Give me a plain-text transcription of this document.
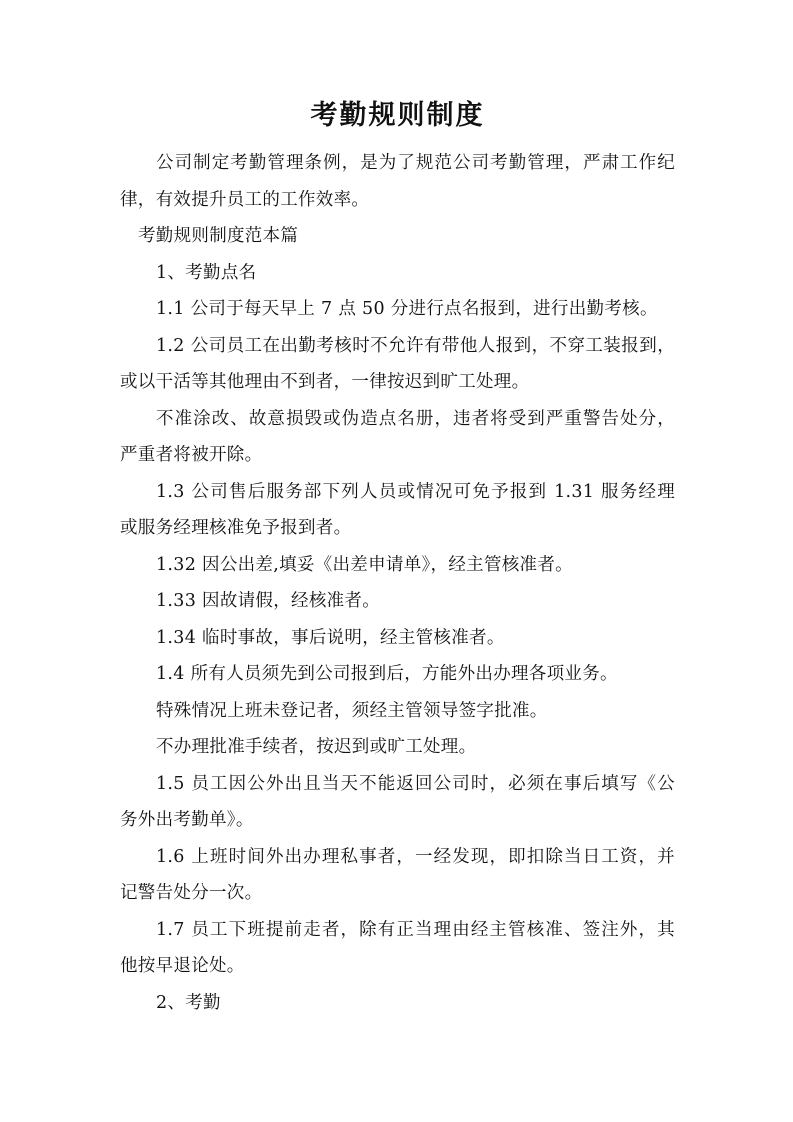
考勤规则制度
公司制定考勤管理条例，是为了规范公司考勤管理，严肃工作纪
律，有效提升员工的工作效率。
考勤规则制度范本篇
1、考勤点名
1.1 公司于每天早上 7 点 50 分进行点名报到，进行出勤考核。
1.2 公司员工在出勤考核时不允许有带他人报到，不穿工装报到，
或以干活等其他理由不到者，一律按迟到旷工处理。
不准涂改、故意损毁或伪造点名册，违者将受到严重警告处分，
严重者将被开除。
1.3 公司售后服务部下列人员或情况可免予报到 1.31 服务经理
或服务经理核准免予报到者。
1.32 因公出差,填妥《出差申请单》，经主管核准者。
1.33 因故请假，经核准者。
1.34 临时事故，事后说明，经主管核准者。
1.4 所有人员须先到公司报到后，方能外出办理各项业务。
特殊情况上班未登记者，须经主管领导签字批准。
不办理批准手续者，按迟到或旷工处理。
1.5 员工因公外出且当天不能返回公司时，必须在事后填写《公
务外出考勤单》。
1.6 上班时间外出办理私事者，一经发现，即扣除当日工资，并
记警告处分一次。
1.7 员工下班提前走者，除有正当理由经主管核准、签注外，其
他按早退论处。
2、考勤
